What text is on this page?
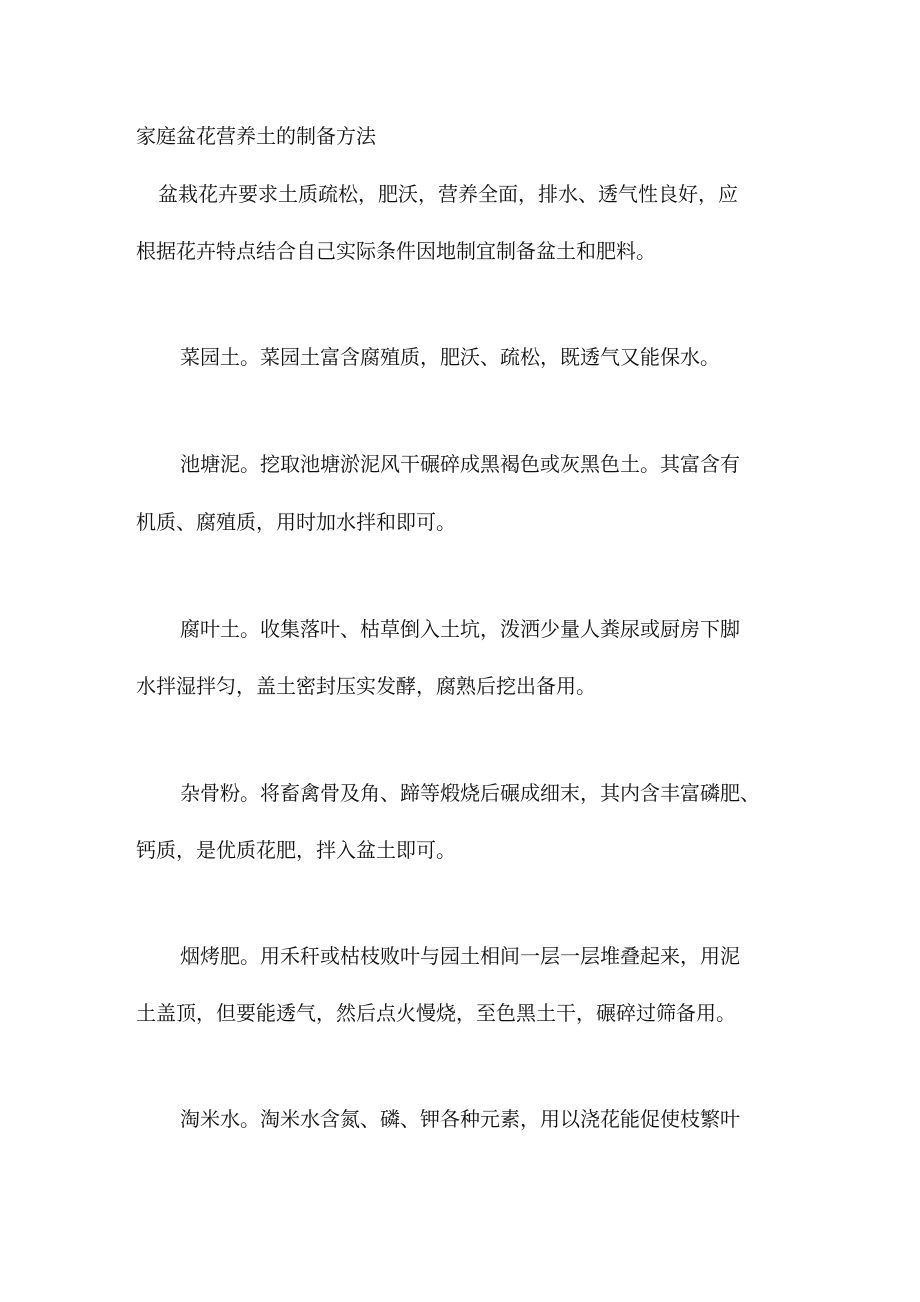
家庭盆花营养土的制备方法
盆栽花卉要求土质疏松，肥沃，营养全面，排水、透气性良好，应
根据花卉特点结合自己实际条件因地制宜制备盆土和肥料。
菜园土。菜园土富含腐殖质，肥沃、疏松，既透气又能保水。
池塘泥。挖取池塘淤泥风干碾碎成黑褐色或灰黑色土。其富含有
机质、腐殖质，用时加水拌和即可。
腐叶土。收集落叶、枯草倒入土坑，泼洒少量人粪尿或厨房下脚
水拌湿拌匀，盖土密封压实发酵，腐熟后挖出备用。
杂骨粉。将畜禽骨及角、蹄等煅烧后碾成细末，其内含丰富磷肥、
钙质，是优质花肥，拌入盆土即可。
烟烤肥。用禾秆或枯枝败叶与园土相间一层一层堆叠起来，用泥
土盖顶，但要能透气，然后点火慢烧，至色黑土干，碾碎过筛备用。
淘米水。淘米水含氮、磷、钾各种元素，用以浇花能促使枝繁叶
